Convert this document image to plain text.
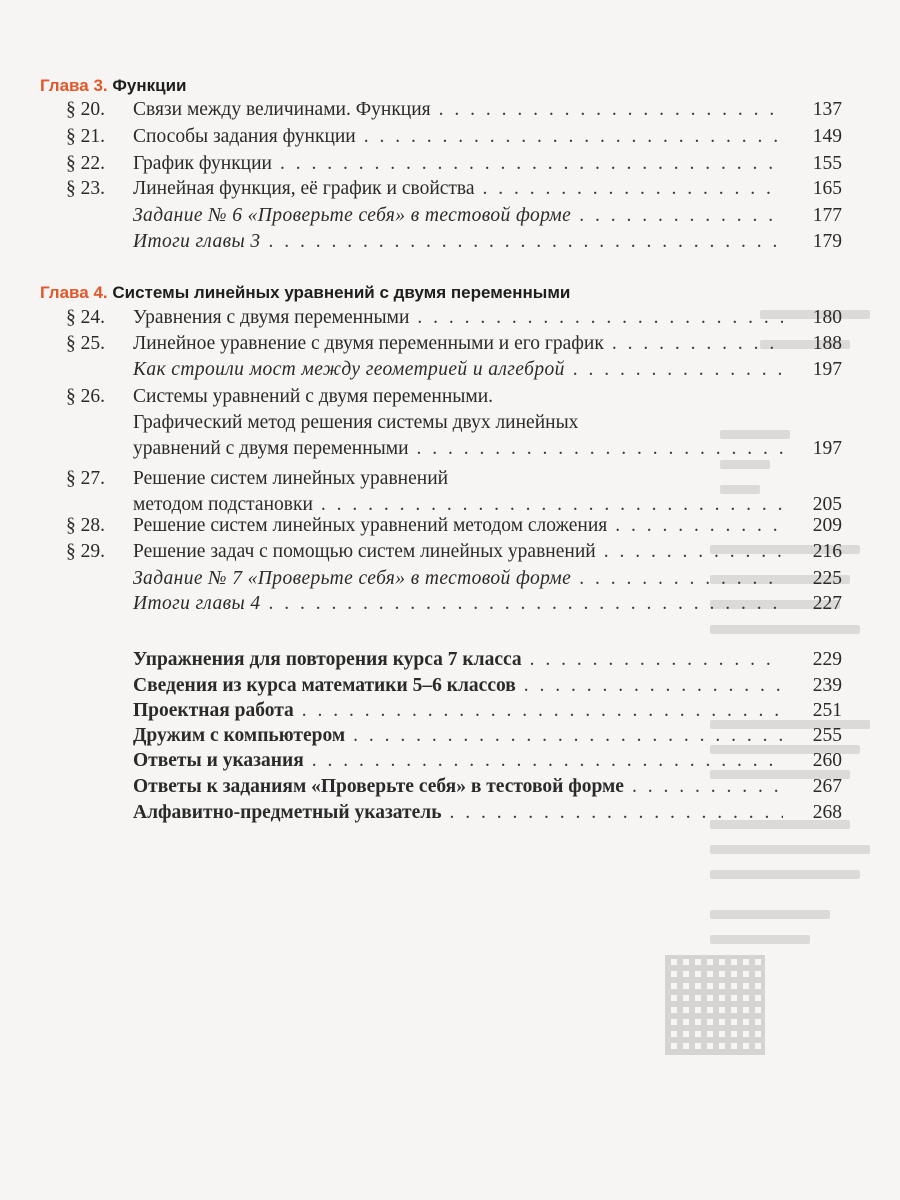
Глава 3. Функции
§ 20. Связи между величинами. Функция . . .	137
§ 21. Способы задания функции . . .	149
§ 22. График функции . . .	155
§ 23. Линейная функция, её график и свойства . . .	165
Задание № 6 «Проверьте себя» в тестовой форме . . .	177
Итоги главы 3 . . .	179
Глава 4. Системы линейных уравнений с двумя переменными
§ 24. Уравнения с двумя переменными . . .	180
§ 25. Линейное уравнение с двумя переменными и его график . . .	188
Как строили мост между геометрией и алгеброй . . .	197
§ 26. Системы уравнений с двумя переменными.
Графический метод решения системы двух линейных
уравнений с двумя переменными . . .	197
§ 27. Решение систем линейных уравнений
методом подстановки . . .	205
§ 28. Решение систем линейных уравнений методом сложения . . .	209
§ 29. Решение задач с помощью систем линейных уравнений . . .	216
Задание № 7 «Проверьте себя» в тестовой форме . . .	225
Итоги главы 4 . . .	227
Упражнения для повторения курса 7 класса . . .	229
Сведения из курса математики 5–6 классов . . .	239
Проектная работа . . .	251
Дружим с компьютером . . .	255
Ответы и указания . . .	260
Ответы к заданиям «Проверьте себя» в тестовой форме . . .	267
Алфавитно-предметный указатель . . .	268
